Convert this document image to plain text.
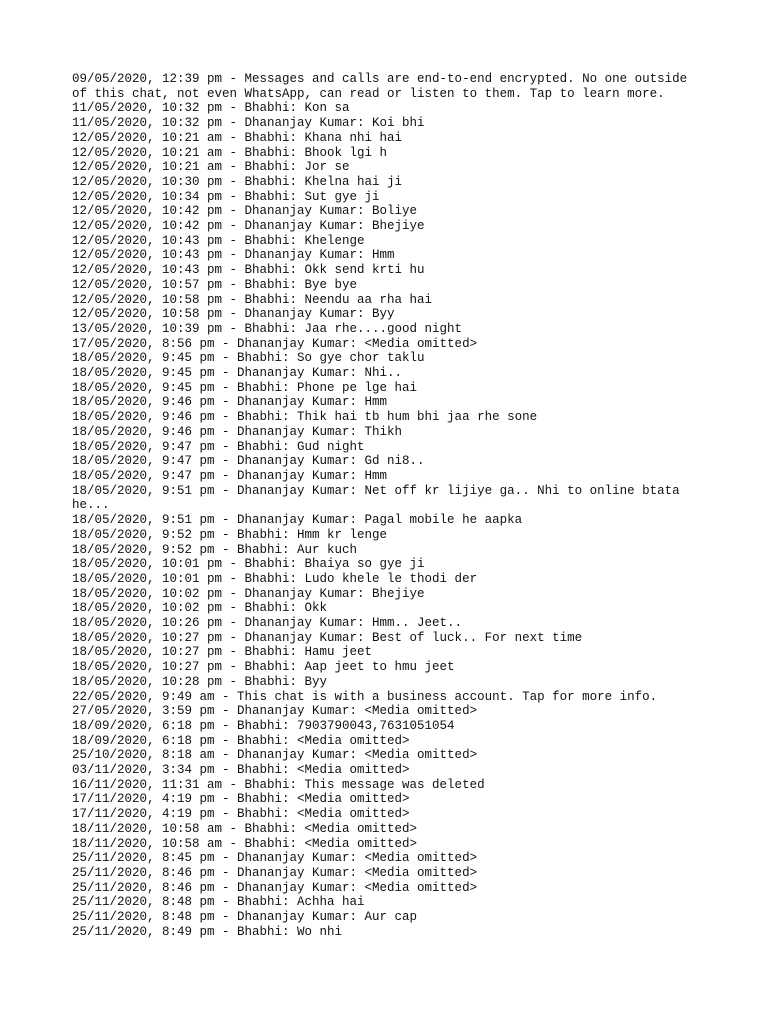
09/05/2020, 12:39 pm - Messages and calls are end-to-end encrypted. No one outside
of this chat, not even WhatsApp, can read or listen to them. Tap to learn more.
11/05/2020, 10:32 pm - Bhabhi: Kon sa
11/05/2020, 10:32 pm - Dhananjay Kumar: Koi bhi
12/05/2020, 10:21 am - Bhabhi: Khana nhi hai
12/05/2020, 10:21 am - Bhabhi: Bhook lgi h
12/05/2020, 10:21 am - Bhabhi: Jor se
12/05/2020, 10:30 pm - Bhabhi: Khelna hai ji
12/05/2020, 10:34 pm - Bhabhi: Sut gye ji
12/05/2020, 10:42 pm - Dhananjay Kumar: Boliye
12/05/2020, 10:42 pm - Dhananjay Kumar: Bhejiye
12/05/2020, 10:43 pm - Bhabhi: Khelenge
12/05/2020, 10:43 pm - Dhananjay Kumar: Hmm
12/05/2020, 10:43 pm - Bhabhi: Okk send krti hu
12/05/2020, 10:57 pm - Bhabhi: Bye bye
12/05/2020, 10:58 pm - Bhabhi: Neendu aa rha hai
12/05/2020, 10:58 pm - Dhananjay Kumar: Byy
13/05/2020, 10:39 pm - Bhabhi: Jaa rhe....good night
17/05/2020, 8:56 pm - Dhananjay Kumar: <Media omitted>
18/05/2020, 9:45 pm - Bhabhi: So gye chor taklu
18/05/2020, 9:45 pm - Dhananjay Kumar: Nhi..
18/05/2020, 9:45 pm - Bhabhi: Phone pe lge hai
18/05/2020, 9:46 pm - Dhananjay Kumar: Hmm
18/05/2020, 9:46 pm - Bhabhi: Thik hai tb hum bhi jaa rhe sone
18/05/2020, 9:46 pm - Dhananjay Kumar: Thikh
18/05/2020, 9:47 pm - Bhabhi: Gud night
18/05/2020, 9:47 pm - Dhananjay Kumar: Gd ni8..
18/05/2020, 9:47 pm - Dhananjay Kumar: Hmm
18/05/2020, 9:51 pm - Dhananjay Kumar: Net off kr lijiye ga.. Nhi to online btata
he...
18/05/2020, 9:51 pm - Dhananjay Kumar: Pagal mobile he aapka
18/05/2020, 9:52 pm - Bhabhi: Hmm kr lenge
18/05/2020, 9:52 pm - Bhabhi: Aur kuch
18/05/2020, 10:01 pm - Bhabhi: Bhaiya so gye ji
18/05/2020, 10:01 pm - Bhabhi: Ludo khele le thodi der
18/05/2020, 10:02 pm - Dhananjay Kumar: Bhejiye
18/05/2020, 10:02 pm - Bhabhi: Okk
18/05/2020, 10:26 pm - Dhananjay Kumar: Hmm.. Jeet..
18/05/2020, 10:27 pm - Dhananjay Kumar: Best of luck.. For next time
18/05/2020, 10:27 pm - Bhabhi: Hamu jeet
18/05/2020, 10:27 pm - Bhabhi: Aap jeet to hmu jeet
18/05/2020, 10:28 pm - Bhabhi: Byy
22/05/2020, 9:49 am - This chat is with a business account. Tap for more info.
27/05/2020, 3:59 pm - Dhananjay Kumar: <Media omitted>
18/09/2020, 6:18 pm - Bhabhi: 7903790043,7631051054
18/09/2020, 6:18 pm - Bhabhi: <Media omitted>
25/10/2020, 8:18 am - Dhananjay Kumar: <Media omitted>
03/11/2020, 3:34 pm - Bhabhi: <Media omitted>
16/11/2020, 11:31 am - Bhabhi: This message was deleted
17/11/2020, 4:19 pm - Bhabhi: <Media omitted>
17/11/2020, 4:19 pm - Bhabhi: <Media omitted>
18/11/2020, 10:58 am - Bhabhi: <Media omitted>
18/11/2020, 10:58 am - Bhabhi: <Media omitted>
25/11/2020, 8:45 pm - Dhananjay Kumar: <Media omitted>
25/11/2020, 8:46 pm - Dhananjay Kumar: <Media omitted>
25/11/2020, 8:46 pm - Dhananjay Kumar: <Media omitted>
25/11/2020, 8:48 pm - Bhabhi: Achha hai
25/11/2020, 8:48 pm - Dhananjay Kumar: Aur cap
25/11/2020, 8:49 pm - Bhabhi: Wo nhi
